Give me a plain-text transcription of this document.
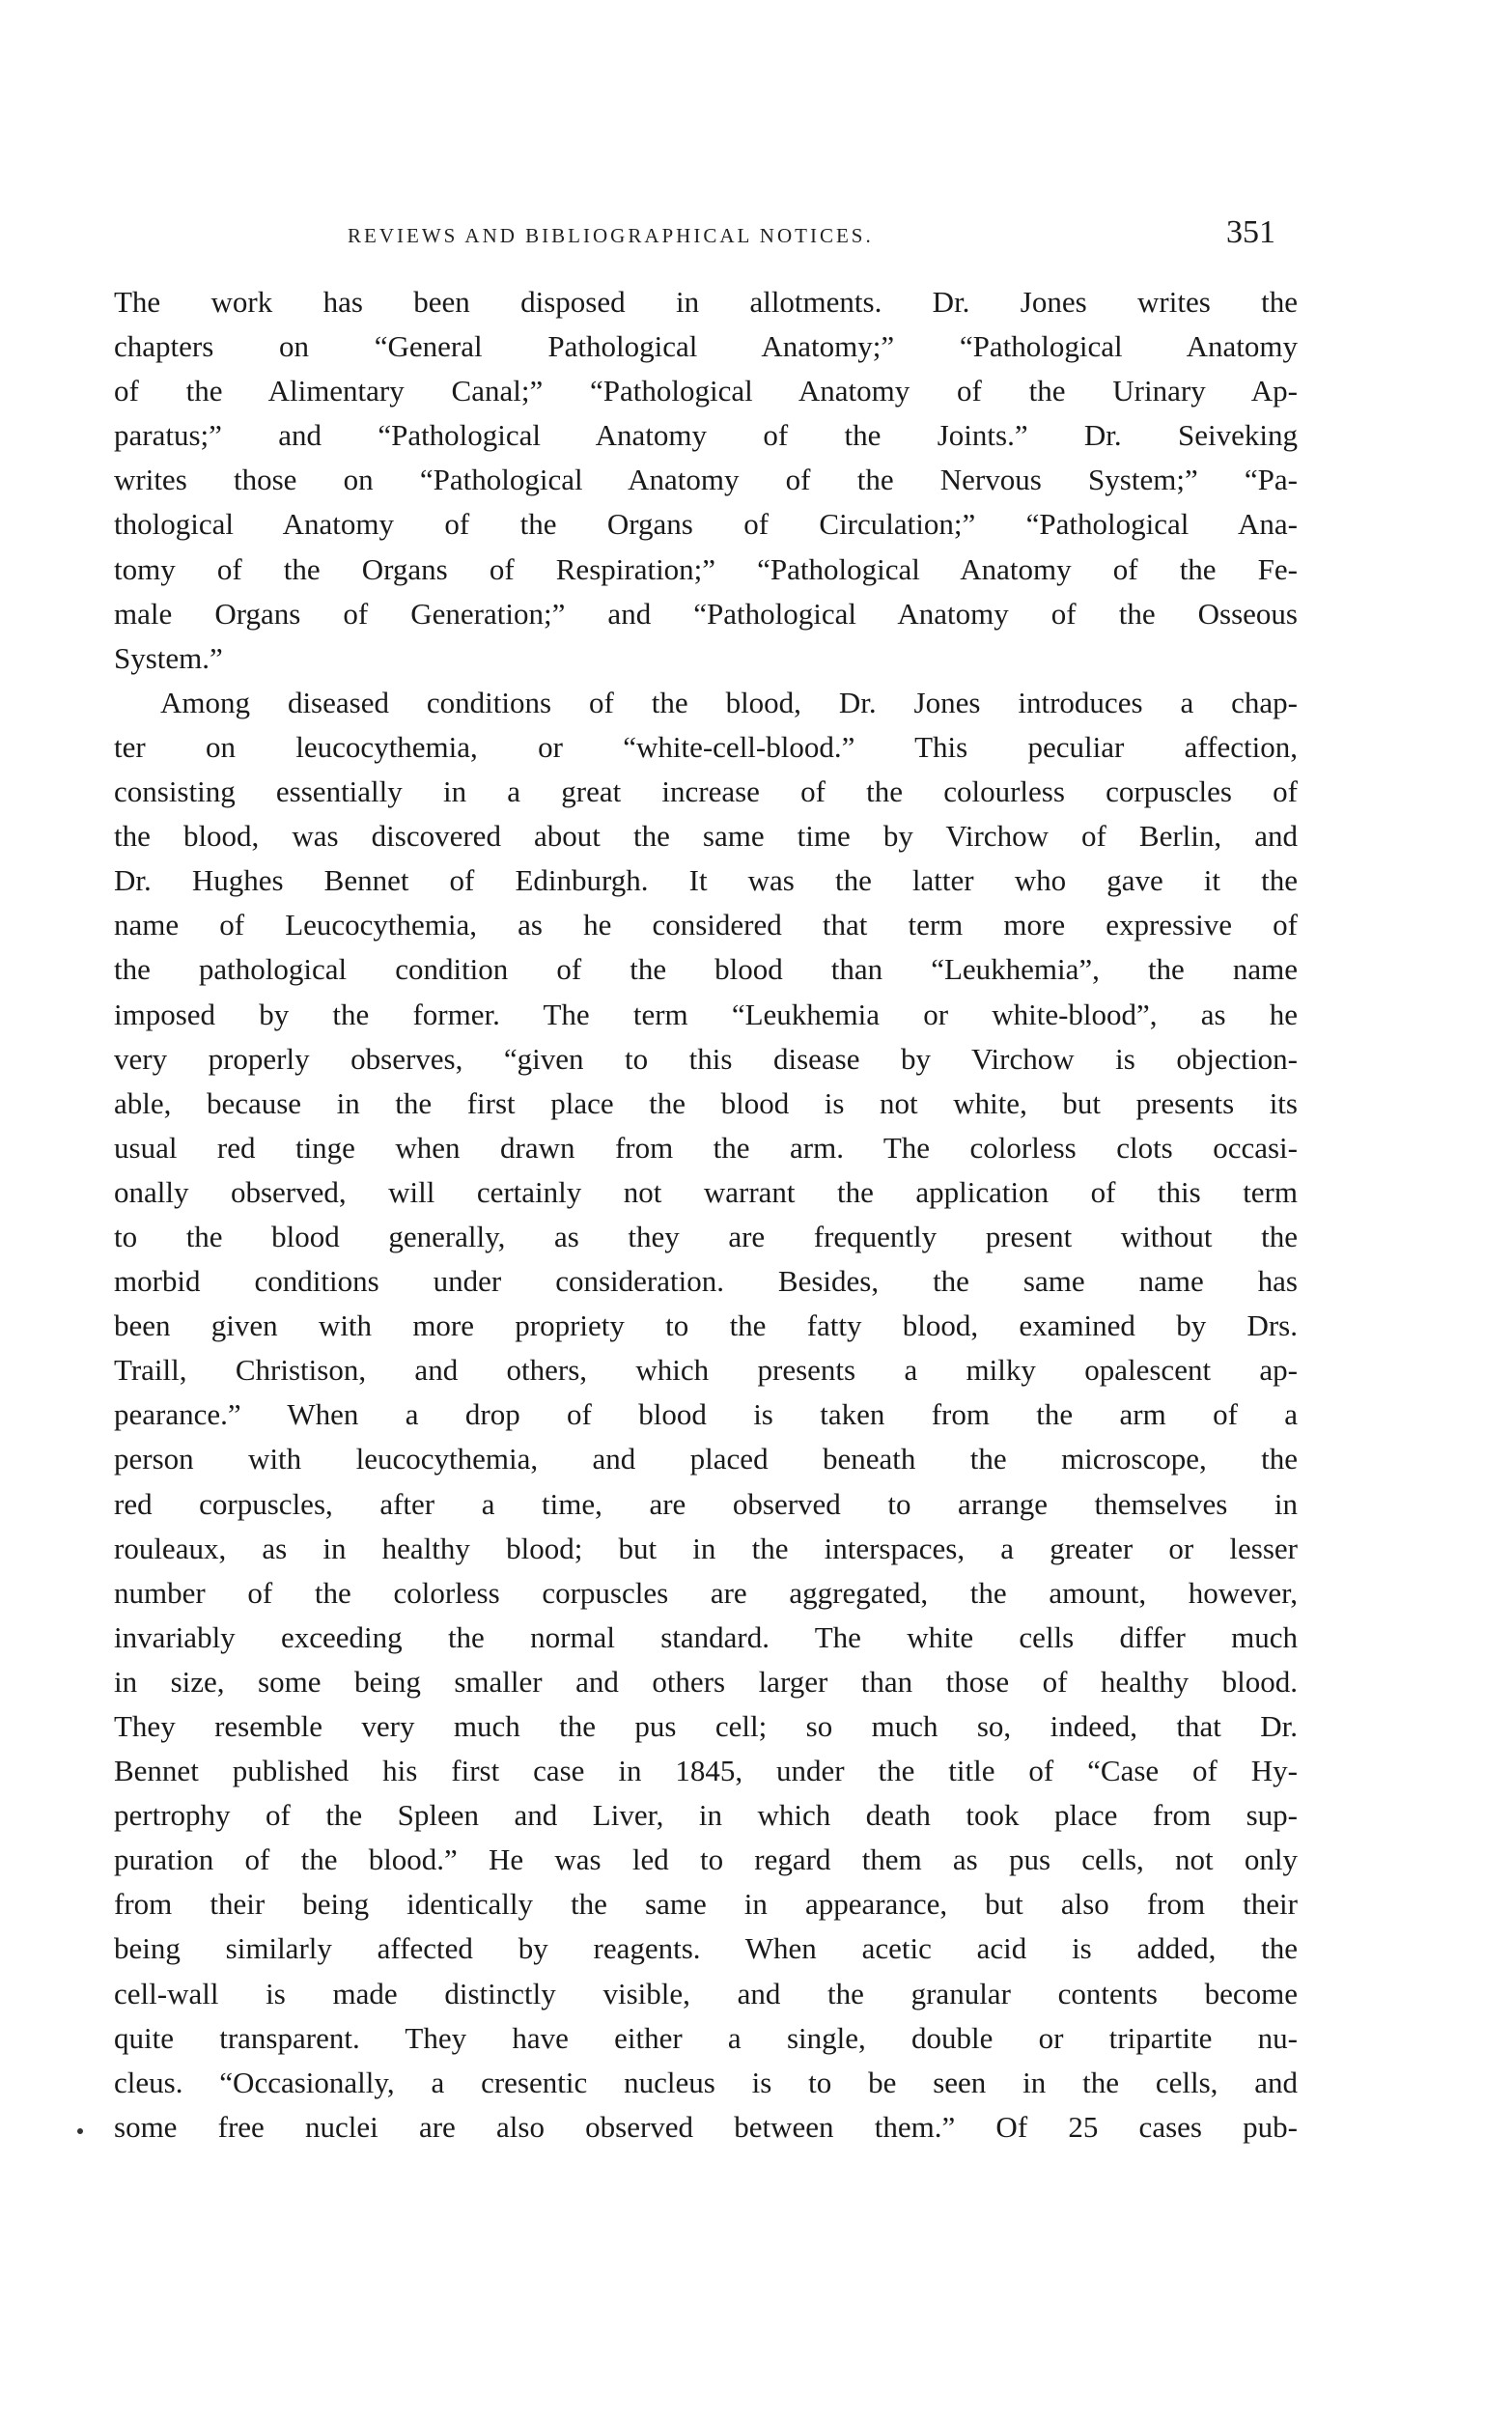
REVIEWS AND BIBLIOGRAPHICAL NOTICES.	351
The work has been disposed in allotments. Dr. Jones writes the
chapters on “General Pathological Anatomy;” “Pathological Anatomy
of the Alimentary Canal;” “Pathological Anatomy of the Urinary Ap-
paratus;” and “Pathological Anatomy of the Joints.” Dr. Seiveking
writes those on “Pathological Anatomy of the Nervous System;” “Pa-
thological Anatomy of the Organs of Circulation;” “Pathological Ana-
tomy of the Organs of Respiration;” “Pathological Anatomy of the Fe-
male Organs of Generation;” and “Pathological Anatomy of the Osseous
System.”
Among diseased conditions of the blood, Dr. Jones introduces a chap-
ter on leucocythemia, or “white-cell-blood.” This peculiar affection,
consisting essentially in a great increase of the colourless corpuscles of
the blood, was discovered about the same time by Virchow of Berlin, and
Dr. Hughes Bennet of Edinburgh. It was the latter who gave it the
name of Leucocythemia, as he considered that term more expressive of
the pathological condition of the blood than “Leukhemia”, the name
imposed by the former. The term “Leukhemia or white-blood”, as he
very properly observes, “given to this disease by Virchow is objection-
able, because in the first place the blood is not white, but presents its
usual red tinge when drawn from the arm. The colorless clots occasi-
onally observed, will certainly not warrant the application of this term
to the blood generally, as they are frequently present without the
morbid conditions under consideration. Besides, the same name has
been given with more propriety to the fatty blood, examined by Drs.
Traill, Christison, and others, which presents a milky opalescent ap-
pearance.” When a drop of blood is taken from the arm of a
person with leucocythemia, and placed beneath the microscope, the
red corpuscles, after a time, are observed to arrange themselves in
rouleaux, as in healthy blood; but in the interspaces, a greater or lesser
number of the colorless corpuscles are aggregated, the amount, however,
invariably exceeding the normal standard. The white cells differ much
in size, some being smaller and others larger than those of healthy blood.
They resemble very much the pus cell; so much so, indeed, that Dr.
Bennet published his first case in 1845, under the title of “Case of Hy-
pertrophy of the Spleen and Liver, in which death took place from sup-
puration of the blood.” He was led to regard them as pus cells, not only
from their being identically the same in appearance, but also from their
being similarly affected by reagents. When acetic acid is added, the
cell-wall is made distinctly visible, and the granular contents become
quite transparent. They have either a single, double or tripartite nu-
cleus. “Occasionally, a cresentic nucleus is to be seen in the cells, and
some free nuclei are also observed between them.” Of 25 cases pub-
